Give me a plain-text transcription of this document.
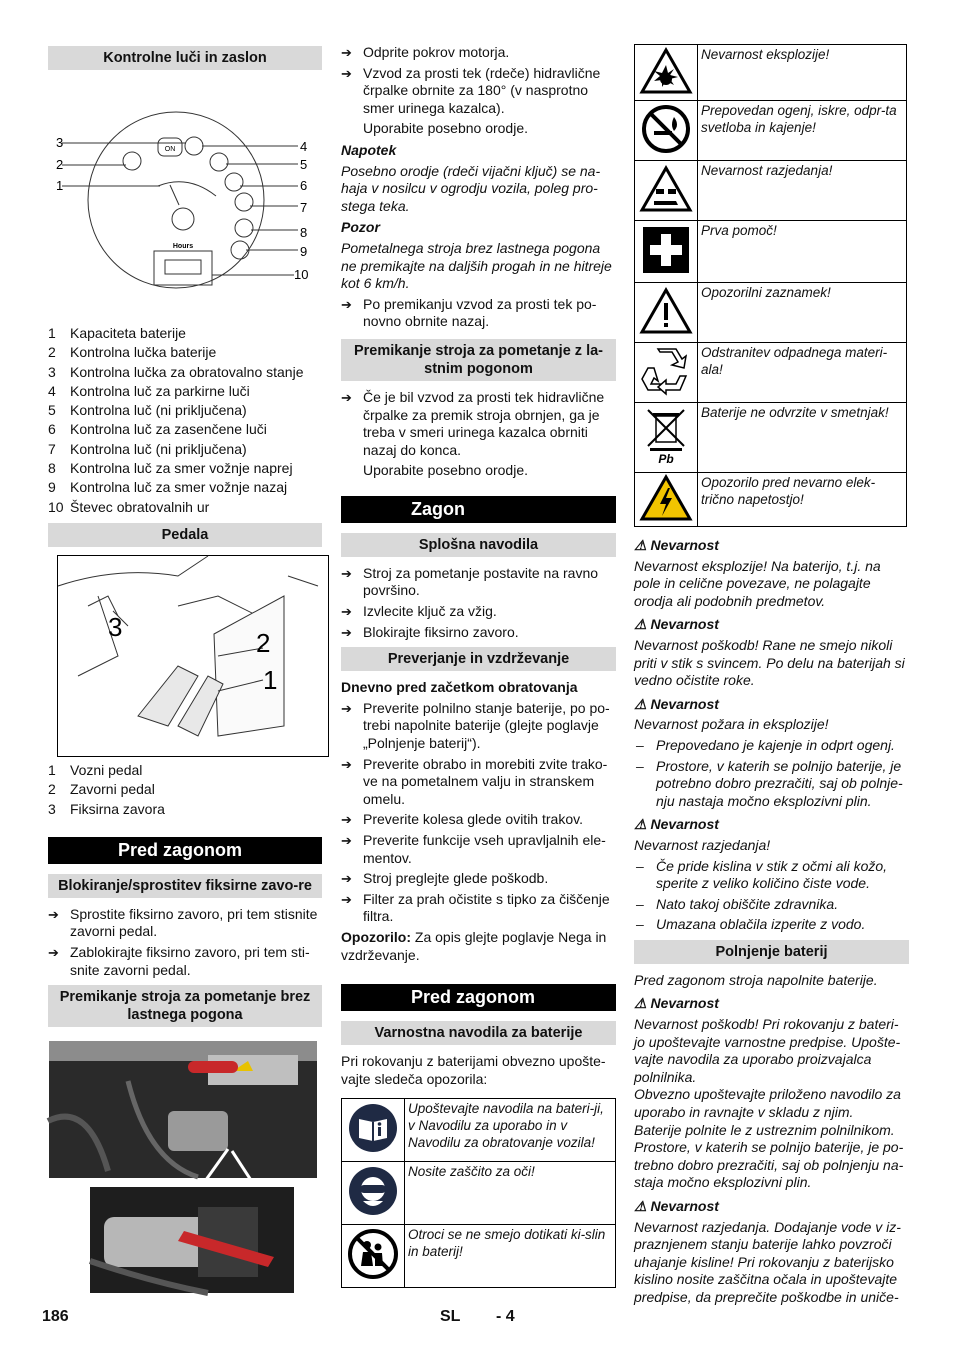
Kontrolne luči in zaslon
ON
Hours
3
2
1
4
5
6
7
8
9
10
1 Kapaciteta baterije
2 Kontrolna lučka baterije
3 Kontrolna lučka za obratovalno stanje
4 Kontrolna luč za parkirne luči
5 Kontrolna luč (ni priključena)
6 Kontrolna luč za zasenčene luči
7 Kontrolna luč (ni priključena)
8 Kontrolna luč za smer vožnje naprej
9 Kontrolna luč za smer vožnje nazaj
10 Števec obratovalnih ur
Pedala
3
2
1
1 Vozni pedal
2 Zavorni pedal
3 Fiksirna zavora
Pred zagonom
Blokiranje/sprostitev fiksirne zavo-re

➔ Sprostite fiksirno zavoro, pri tem stisnite zavorni pedal.

➔ Zablokirajte fiksirno zavoro, pri tem sti-snite zavorni pedal.

Premikanje stroja za pometanje brez lastnega pogona

➔ Odprite pokrov motorja.

➔ Vzvod za prosti tek (rdeče) hidravlične črpalke obrnite za 180° (v nasprotno smer urinega kazalca).

Uporabite posebno orodje.

Napotek

Posebno orodje (rdeči vijačni ključ) se na-haja v nosilcu v ogrodju vozila, poleg pro-stega teka.

Pozor

Pometalnega stroja brez lastnega pogona ne premikajte na daljših progah in ne hitreje kot 6 km/h.

➔ Po premikanju vzvod za prosti tek po-novno obrnite nazaj.

Premikanje stroja za pometanje z la-stnim pogonom

➔ Če je bil vzvod za prosti tek hidravlične črpalke za premik stroja obrnjen, ga je treba v smeri urinega kazalca obrniti nazaj do konca.

Uporabite posebno orodje.

Zagon
Splošna navodila

➔ Stroj za pometanje postavite na ravno površino.

➔ Izvlecite ključ za vžig.

➔ Blokirajte fiksirno zavoro.

Preverjanje in vzdrževanje

Dnevno pred začetkom obratovanja

➔ Preverite polnilno stanje baterije, po po-trebi napolnite baterije (glejte poglavje „Polnjenje baterij“).

➔ Preverite obrabo in morebiti zvite trako-ve na pometalnem valju in stranskem omelu.

➔ Preverite kolesa glede ovitih trakov.

➔ Preverite funkcije vseh upravljalnih ele-mentov.

➔ Stroj preglejte glede poškodb.

➔ Filter za prah očistite s tipko za čiščenje filtra.

Opozorilo: Za opis glejte poglavje Nega in vzdrževanje.

Pred zagonom
Varnostna navodila za baterije

Pri rokovanju z baterijami obvezno upošte-vajte sledeča opozorila:

	Upoštevajte navodila na bateri-ji, v Navodilu za uporabo in v Navodilu za obratovanje vozila!
	Nosite zaščito za oči!
	Otroci se ne smejo dotikati ki-slin in baterij!
	Nevarnost eksplozije!
	Prepovedan ogenj, iskre, odpr-ta svetloba in kajenje!
	Nevarnost razjedanja!
	Prva pomoč!
	Opozorilni zaznamek!
	Odstranitev odpadnega materi-ala!

Pb	Baterije ne odvrzite v smetnjak!
	Opozorilo pred nevarno elek-trično napetostjo!

⚠ Nevarnost

Nevarnost eksplozije! Na baterijo, t.j. na pole in celične povezave, ne polagajte orodja ali podobnih predmetov.

⚠ Nevarnost

Nevarnost poškodb! Rane ne smejo nikoli priti v stik s svincem. Po delu na baterijah si vedno očistite roke.

⚠ Nevarnost

Nevarnost požara in eksplozije!

– Prepovedano je kajenje in odprt ogenj.

– Prostore, v katerih se polnijo baterije, je potrebno dobro prezračiti, saj ob polnje-nju nastaja močno eksplozivni plin.

⚠ Nevarnost

Nevarnost razjedanja!

– Če pride kislina v stik z očmi ali kožo, sperite z veliko količino čiste vode.

– Nato takoj obiščite zdravnika.

– Umazana oblačila izperite z vodo.

Polnjenje baterij

Pred zagonom stroja napolnite baterije.

⚠ Nevarnost

Nevarnost poškodb! Pri rokovanju z bateri-jo upoštevajte varnostne predpise. Upošte-vajte navodila za uporabo proizvajalca polnilnika.

Obvezno upoštevajte priloženo navodilo za uporabo in ravnajte v skladu z njim.

Baterije polnite le z ustreznim polnilnikom.

Prostore, v katerih se polnijo baterije, je po-trebno dobro prezračiti, saj ob polnjenju na-staja močno eksplozivni plin.

⚠ Nevarnost

Nevarnost razjedanja. Dodajanje vode v iz-praznjenem stanju baterije lahko povzroči uhajanje kisline! Pri rokovanju z baterijsko kislino nosite zaščitna očala in upoštevajte predpise, da preprečite poškodbe in uniče-

186	SL - 4
